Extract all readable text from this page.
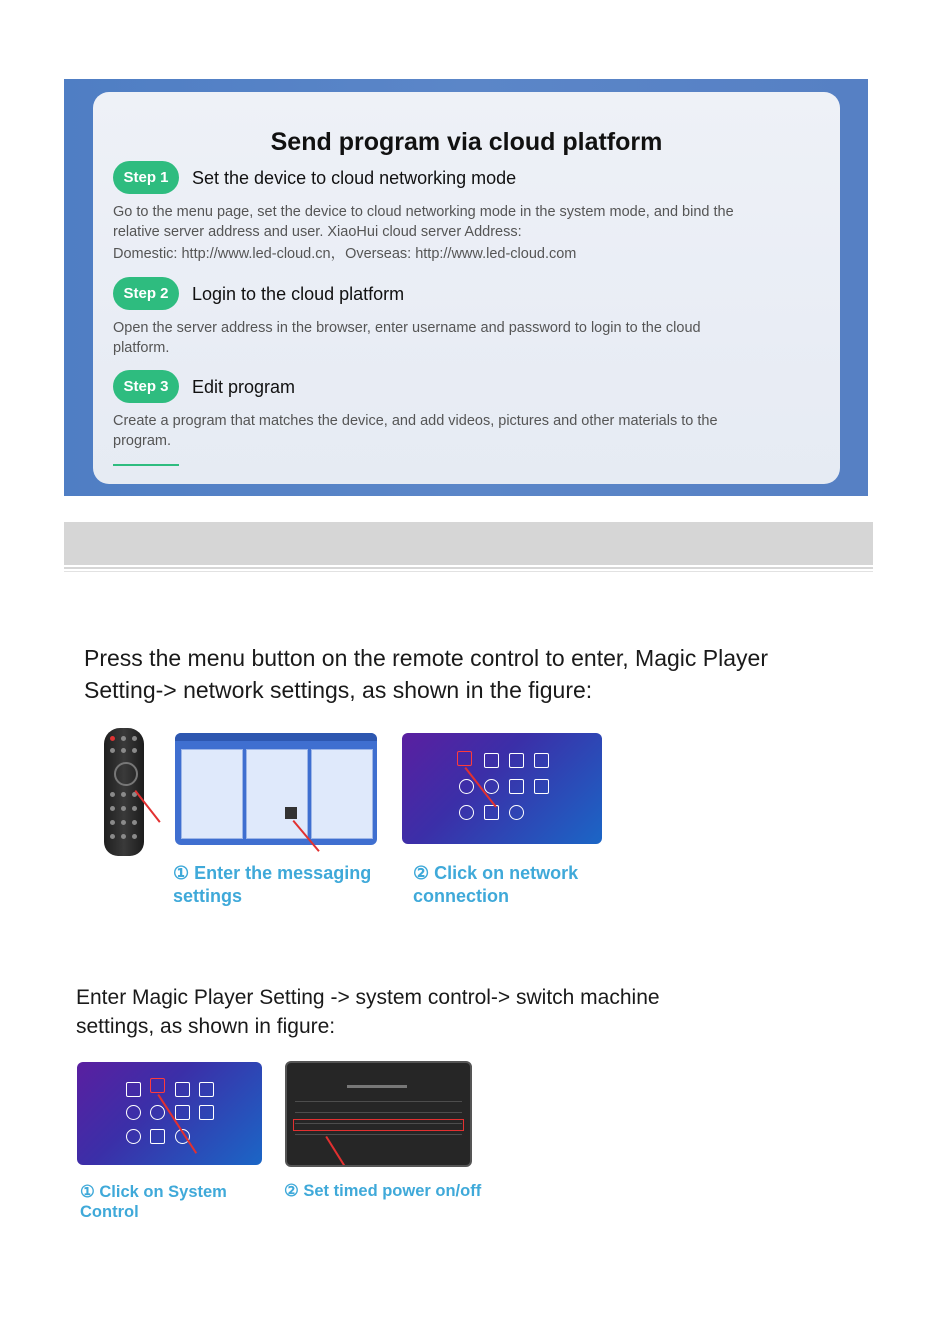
Send program via cloud platform
Step 1	Set the device to cloud networking mode
Go to the menu page, set the device to cloud networking mode in the system mode, and bind the
relative server address and user. XiaoHui cloud server Address:
Domestic: http://www.led-cloud.cn，Overseas: http://www.led-cloud.com
Step 2	Login to the cloud platform
Open the server address in the browser, enter username and password to login to the cloud
platform.
Step 3	Edit program
Create a program that matches the device, and add videos, pictures and other materials to the
program.
Press the menu button on the remote control to enter, Magic Player
Setting-> network settings, as shown in the figure:
① Enter the messaging
settings
② Click on network
connection
Enter Magic Player Setting -> system control-> switch machine
settings, as shown in figure:
① Click on System
Control
② Set timed power on/off
